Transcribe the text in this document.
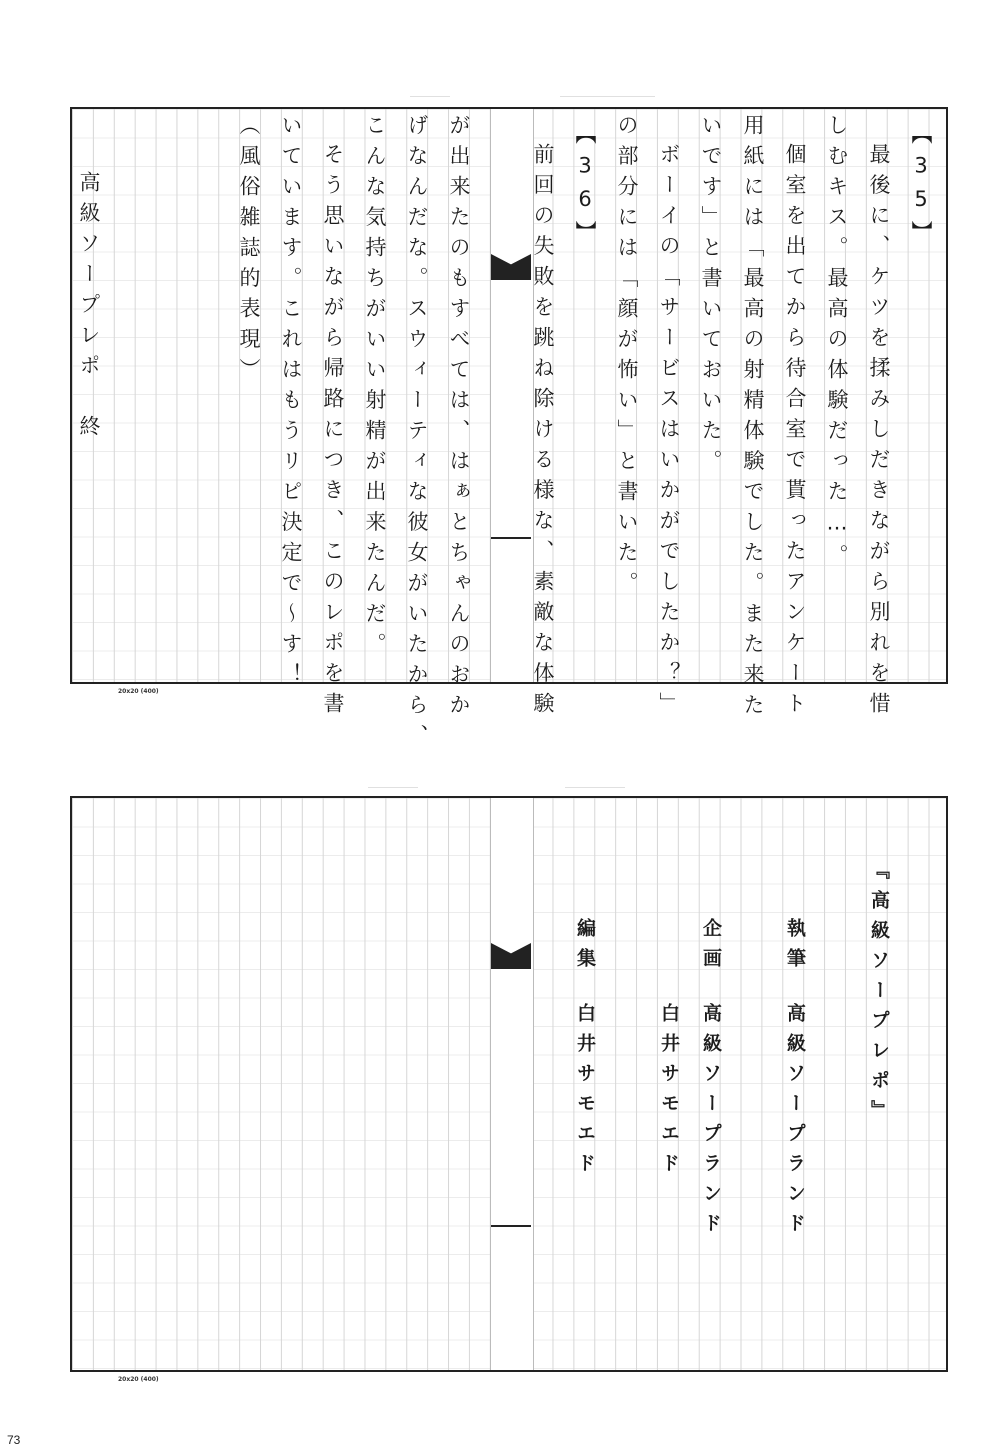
【35】
最後に、ケツを揉みしだきながら別れを惜
しむキス。最高の体験だった…。
個室を出てから待合室で貰ったアンケート
用紙には「最高の射精体験でした。また来た
いです」と書いておいた。
ボーイの「サービスはいかがでしたか？」
の部分には「顔が怖い」と書いた。
【36】
前回の失敗を跳ね除ける様な、素敵な体験
が出来たのもすべては、はぁとちゃんのおか
げなんだな。スウィーティな彼女がいたから、
こんな気持ちがいい射精が出来たんだ。
そう思いながら帰路につき、このレポを書
いています。これはもうリピ決定で～す！
（風俗雑誌的表現）
高級ソープレポ　終
20x20 (400)
『高級ソープレポ』
執筆
高級ソープランド
企画
高級ソープランド
白井サモエド
編集
白井サモエド
20x20 (400)
73
